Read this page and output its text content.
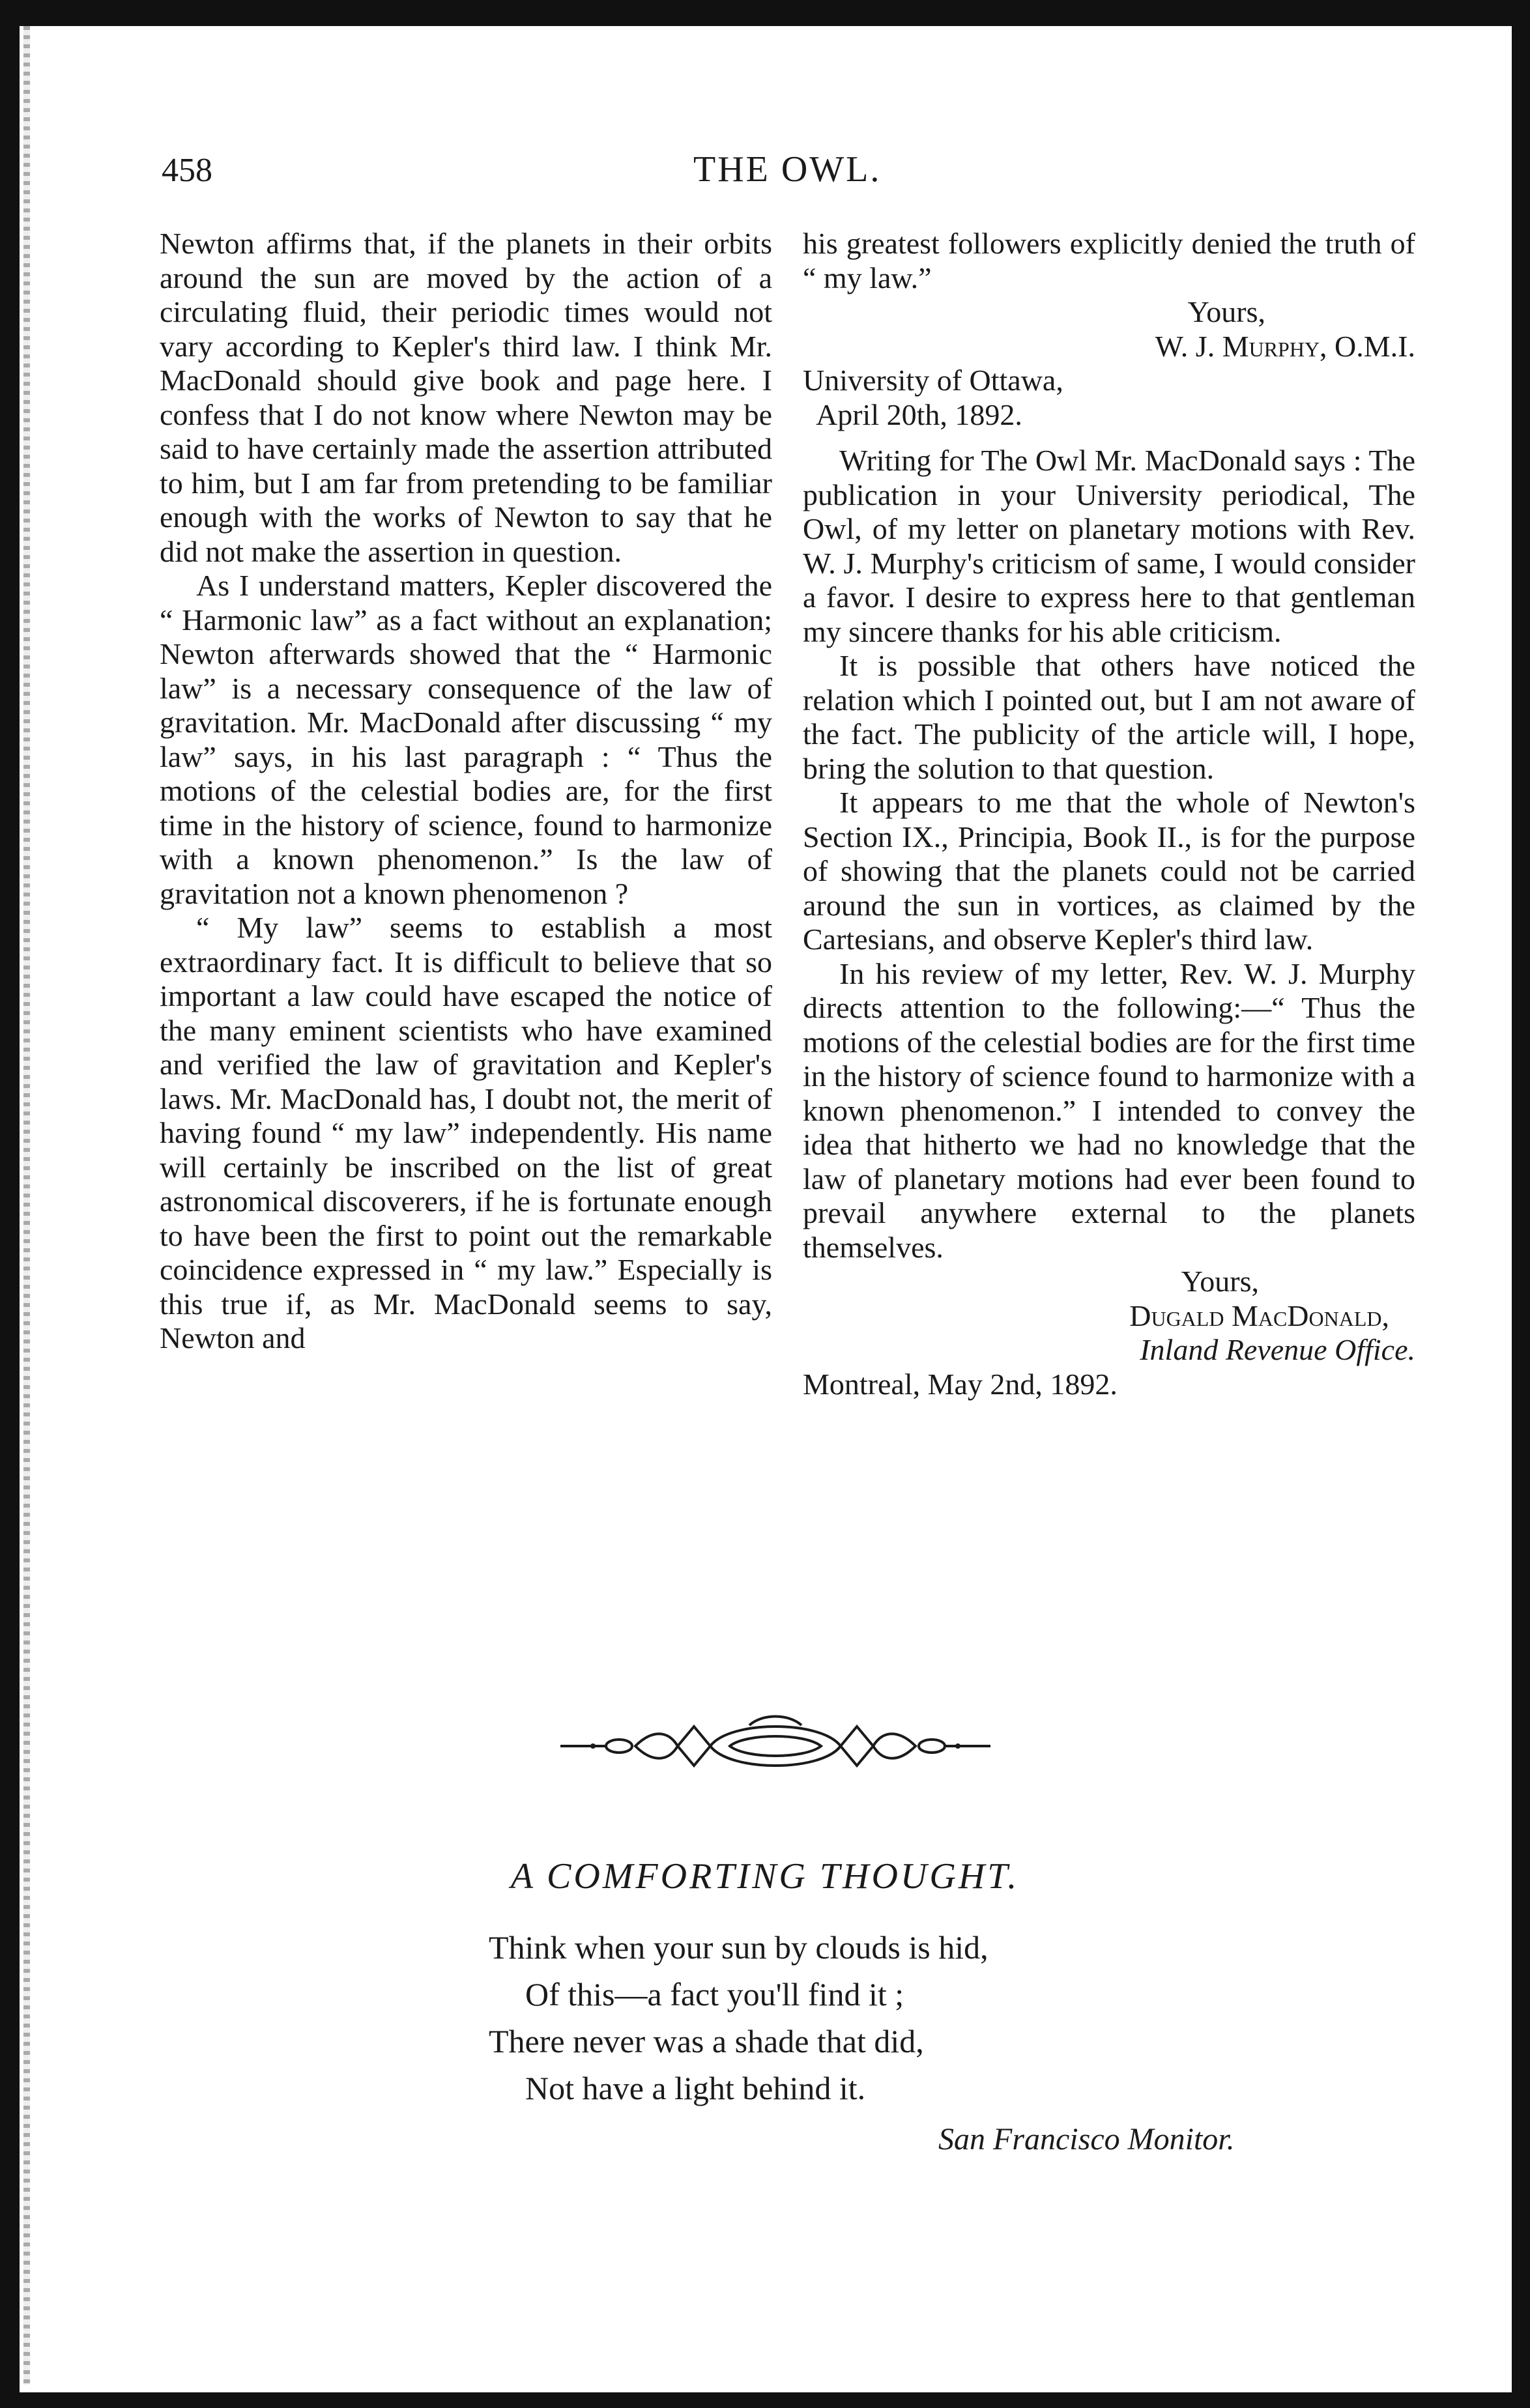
458	THE OWL.

Newton affirms that, if the planets in their orbits around the sun are moved by the action of a circulating fluid, their periodic times would not vary according to Kepler's third law. I think Mr. MacDonald should give book and page here. I confess that I do not know where Newton may be said to have certainly made the assertion attributed to him, but I am far from pretending to be familiar enough with the works of Newton to say that he did not make the assertion in question.

As I understand matters, Kepler discovered the “ Harmonic law” as a fact without an explanation; Newton afterwards showed that the “ Harmonic law” is a necessary consequence of the law of gravitation. Mr. MacDonald after discussing “ my law” says, in his last paragraph : “ Thus the motions of the celestial bodies are, for the first time in the history of science, found to harmonize with a known phenomenon.” Is the law of gravitation not a known phenomenon ?

“ My law” seems to establish a most extraordinary fact. It is difficult to believe that so important a law could have escaped the notice of the many eminent scientists who have examined and verified the law of gravitation and Kepler's laws. Mr. MacDonald has, I doubt not, the merit of having found “ my law” independently. His name will certainly be inscribed on the list of great astronomical discoverers, if he is fortunate enough to have been the first to point out the remarkable coincidence expressed in “ my law.” Especially is this true if, as Mr. MacDonald seems to say, Newton and

his greatest followers explicitly denied the truth of “ my law.”

Yours,

W. J. Murphy, O.M.I.

University of Ottawa,

April 20th, 1892.

Writing for The Owl Mr. MacDonald says : The publication in your University periodical, The Owl, of my letter on planetary motions with Rev. W. J. Murphy's criticism of same, I would consider a favor. I desire to express here to that gentleman my sincere thanks for his able criticism.

It is possible that others have noticed the relation which I pointed out, but I am not aware of the fact. The publicity of the article will, I hope, bring the solution to that question.

It appears to me that the whole of Newton's Section IX., Principia, Book II., is for the purpose of showing that the planets could not be carried around the sun in vortices, as claimed by the Cartesians, and observe Kepler's third law.

In his review of my letter, Rev. W. J. Murphy directs attention to the following:—“ Thus the motions of the celestial bodies are for the first time in the history of science found to harmonize with a known phenomenon.” I intended to convey the idea that hitherto we had no knowledge that the law of planetary motions had ever been found to prevail anywhere external to the planets themselves.

Yours,

Dugald MacDonald,

Inland Revenue Office.

Montreal, May 2nd, 1892.

A COMFORTING THOUGHT.
Think when your sun by clouds is hid,
Of this—a fact you'll find it ;
There never was a shade that did,
Not have a light behind it.
San Francisco Monitor.
